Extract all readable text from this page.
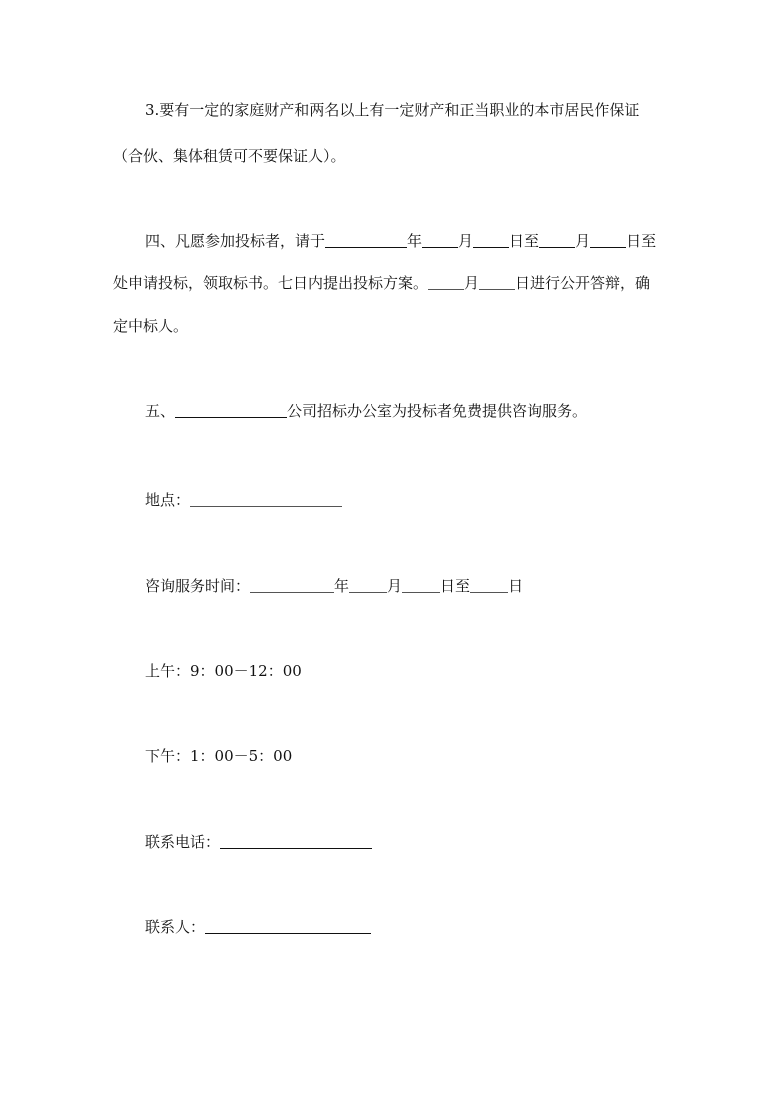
3.要有一定的家庭财产和两名以上有一定财产和正当职业的本市居民作保证
（合伙、集体租赁可不要保证人）。
四、凡愿参加投标者，请于	年 月 日至 月 日至
处申请投标，领取标书。七日内提出投标方案。 月 日进行公开答辩，确
定中标人。
五、	公司招标办公室为投标者免费提供咨询服务。
地点：
咨询服务时间：	年	月	日至	日
上午：9：00－12：00
下午：1：00－5：00
联系电话：
联系人：
